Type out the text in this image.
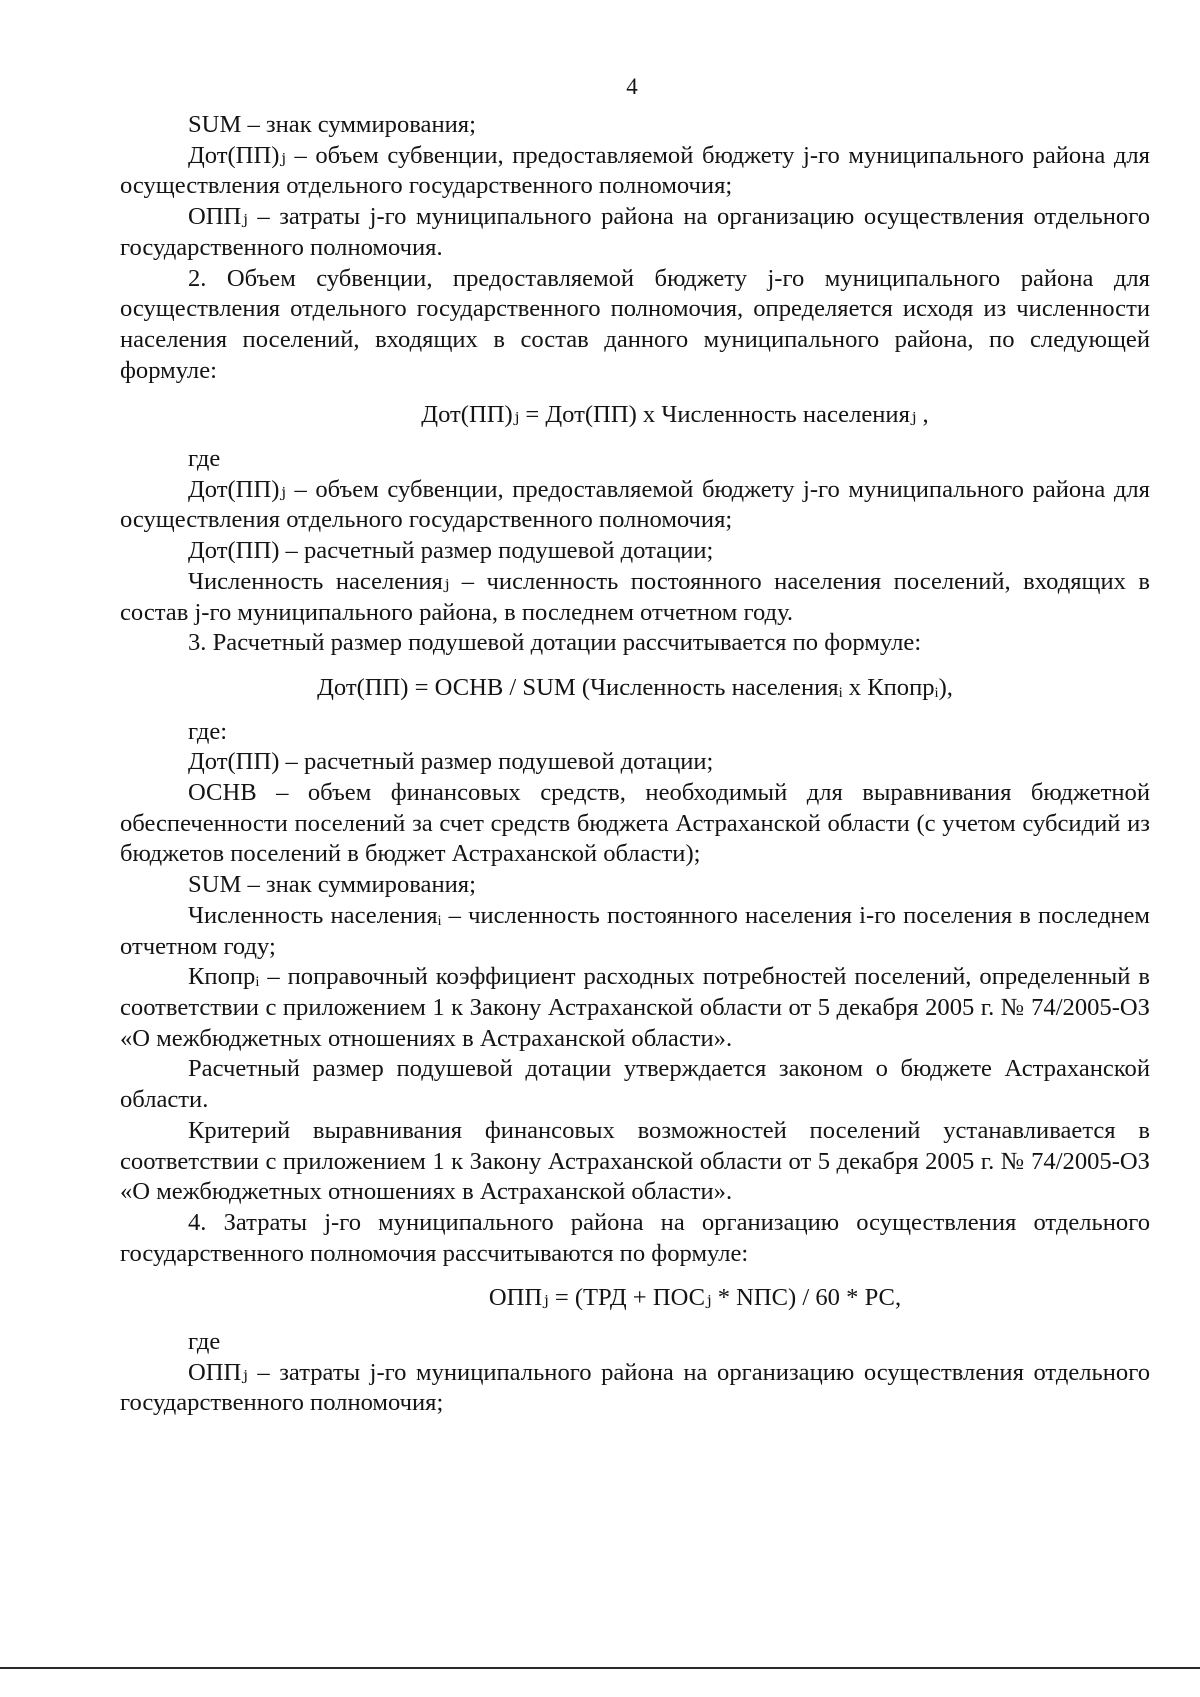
4

SUM – знак суммирования;

Дот(ПП)ⱼ – объем субвенции, предоставляемой бюджету j-го муниципального района для осуществления отдельного государственного полномочия;

ОППⱼ – затраты j-го муниципального района на организацию осуществления отдельного государственного полномочия.

2. Объем субвенции, предоставляемой бюджету j-го муниципального района для осуществления отдельного государственного полномочия, определяется исходя из численности населения поселений, входящих в состав данного муниципального района, по следующей формуле:

Дот(ПП)ⱼ = Дот(ПП) х Численность населенияⱼ ,

где

Дот(ПП)ⱼ – объем субвенции, предоставляемой бюджету j-го муниципального района для осуществления отдельного государственного полномочия;

Дот(ПП) – расчетный размер подушевой дотации;

Численность населенияⱼ – численность постоянного населения поселений, входящих в состав j-го муниципального района, в последнем отчетном году.

3. Расчетный размер подушевой дотации рассчитывается по формуле:

Дот(ПП) = ОСНВ / SUM (Численность населенияᵢ х Кпопрᵢ),

где:

Дот(ПП) – расчетный размер подушевой дотации;

ОСНВ – объем финансовых средств, необходимый для выравнивания бюджетной обеспеченности поселений за счет средств бюджета Астраханской области (с учетом субсидий из бюджетов поселений в бюджет Астраханской области);

SUM – знак суммирования;

Численность населенияᵢ – численность постоянного населения i-го поселения в последнем отчетном году;

Кпопрᵢ – поправочный коэффициент расходных потребностей поселений, определенный в соответствии с приложением 1 к Закону Астраханской области от 5 декабря 2005 г. № 74/2005-ОЗ «О межбюджетных отношениях в Астраханской области».

Расчетный размер подушевой дотации утверждается законом о бюджете Астраханской области.

Критерий выравнивания финансовых возможностей поселений устанавливается в соответствии с приложением 1 к Закону Астраханской области от 5 декабря 2005 г. № 74/2005-ОЗ «О межбюджетных отношениях в Астраханской области».

4. Затраты j-го муниципального района на организацию осуществления отдельного государственного полномочия рассчитываются по формуле:

ОППⱼ = (ТРД + ПОСⱼ * NПС) / 60 * РС,

где

ОППⱼ – затраты j-го муниципального района на организацию осуществления отдельного государственного полномочия;
